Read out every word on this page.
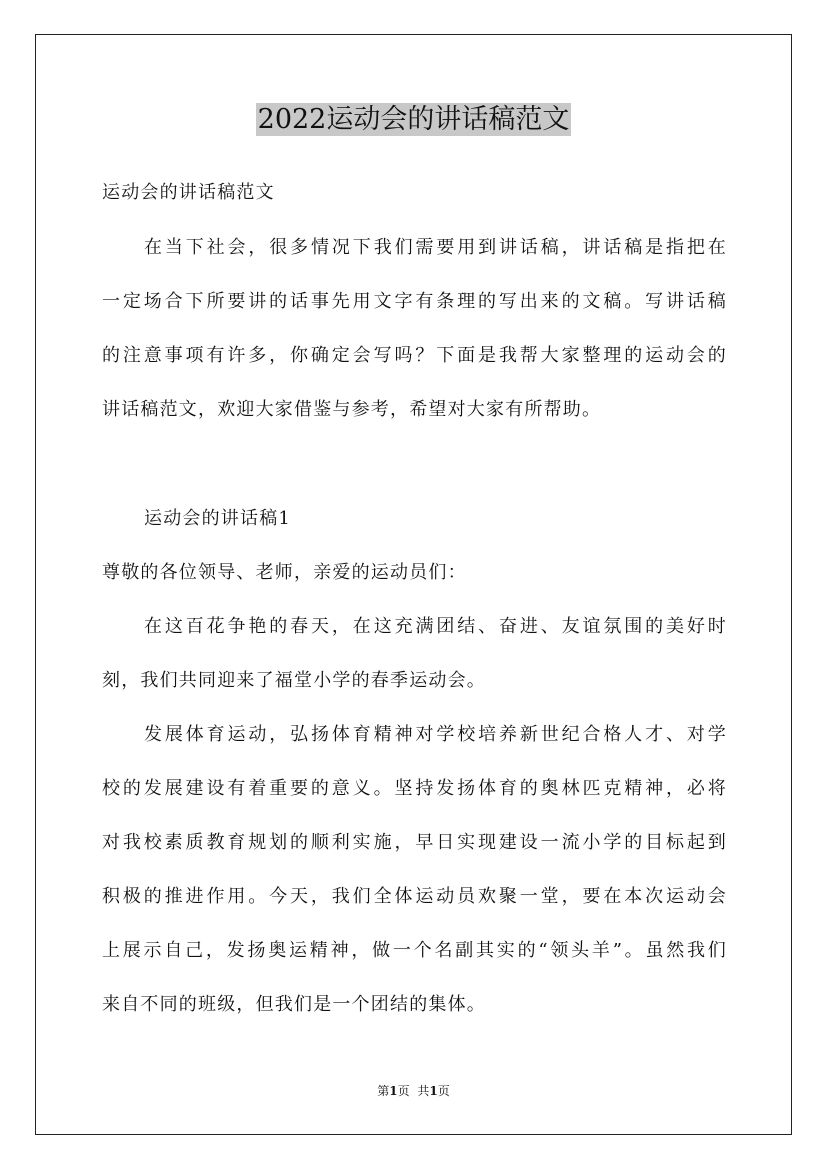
2022运动会的讲话稿范文
运动会的讲话稿范文
在当下社会，很多情况下我们需要用到讲话稿，讲话稿是指把在
一定场合下所要讲的话事先用文字有条理的写出来的文稿。写讲话稿
的注意事项有许多，你确定会写吗？下面是我帮大家整理的运动会的
讲话稿范文，欢迎大家借鉴与参考，希望对大家有所帮助。
运动会的讲话稿1
尊敬的各位领导、老师，亲爱的运动员们：
在这百花争艳的春天，在这充满团结、奋进、友谊氛围的美好时
刻，我们共同迎来了福堂小学的春季运动会。
发展体育运动，弘扬体育精神对学校培养新世纪合格人才、对学
校的发展建设有着重要的意义。坚持发扬体育的奥林匹克精神，必将
对我校素质教育规划的顺利实施，早日实现建设一流小学的目标起到
积极的推进作用。今天，我们全体运动员欢聚一堂，要在本次运动会
上展示自己，发扬奥运精神，做一个名副其实的“领头羊”。虽然我们
来自不同的班级，但我们是一个团结的集体。
第1页 共1页
